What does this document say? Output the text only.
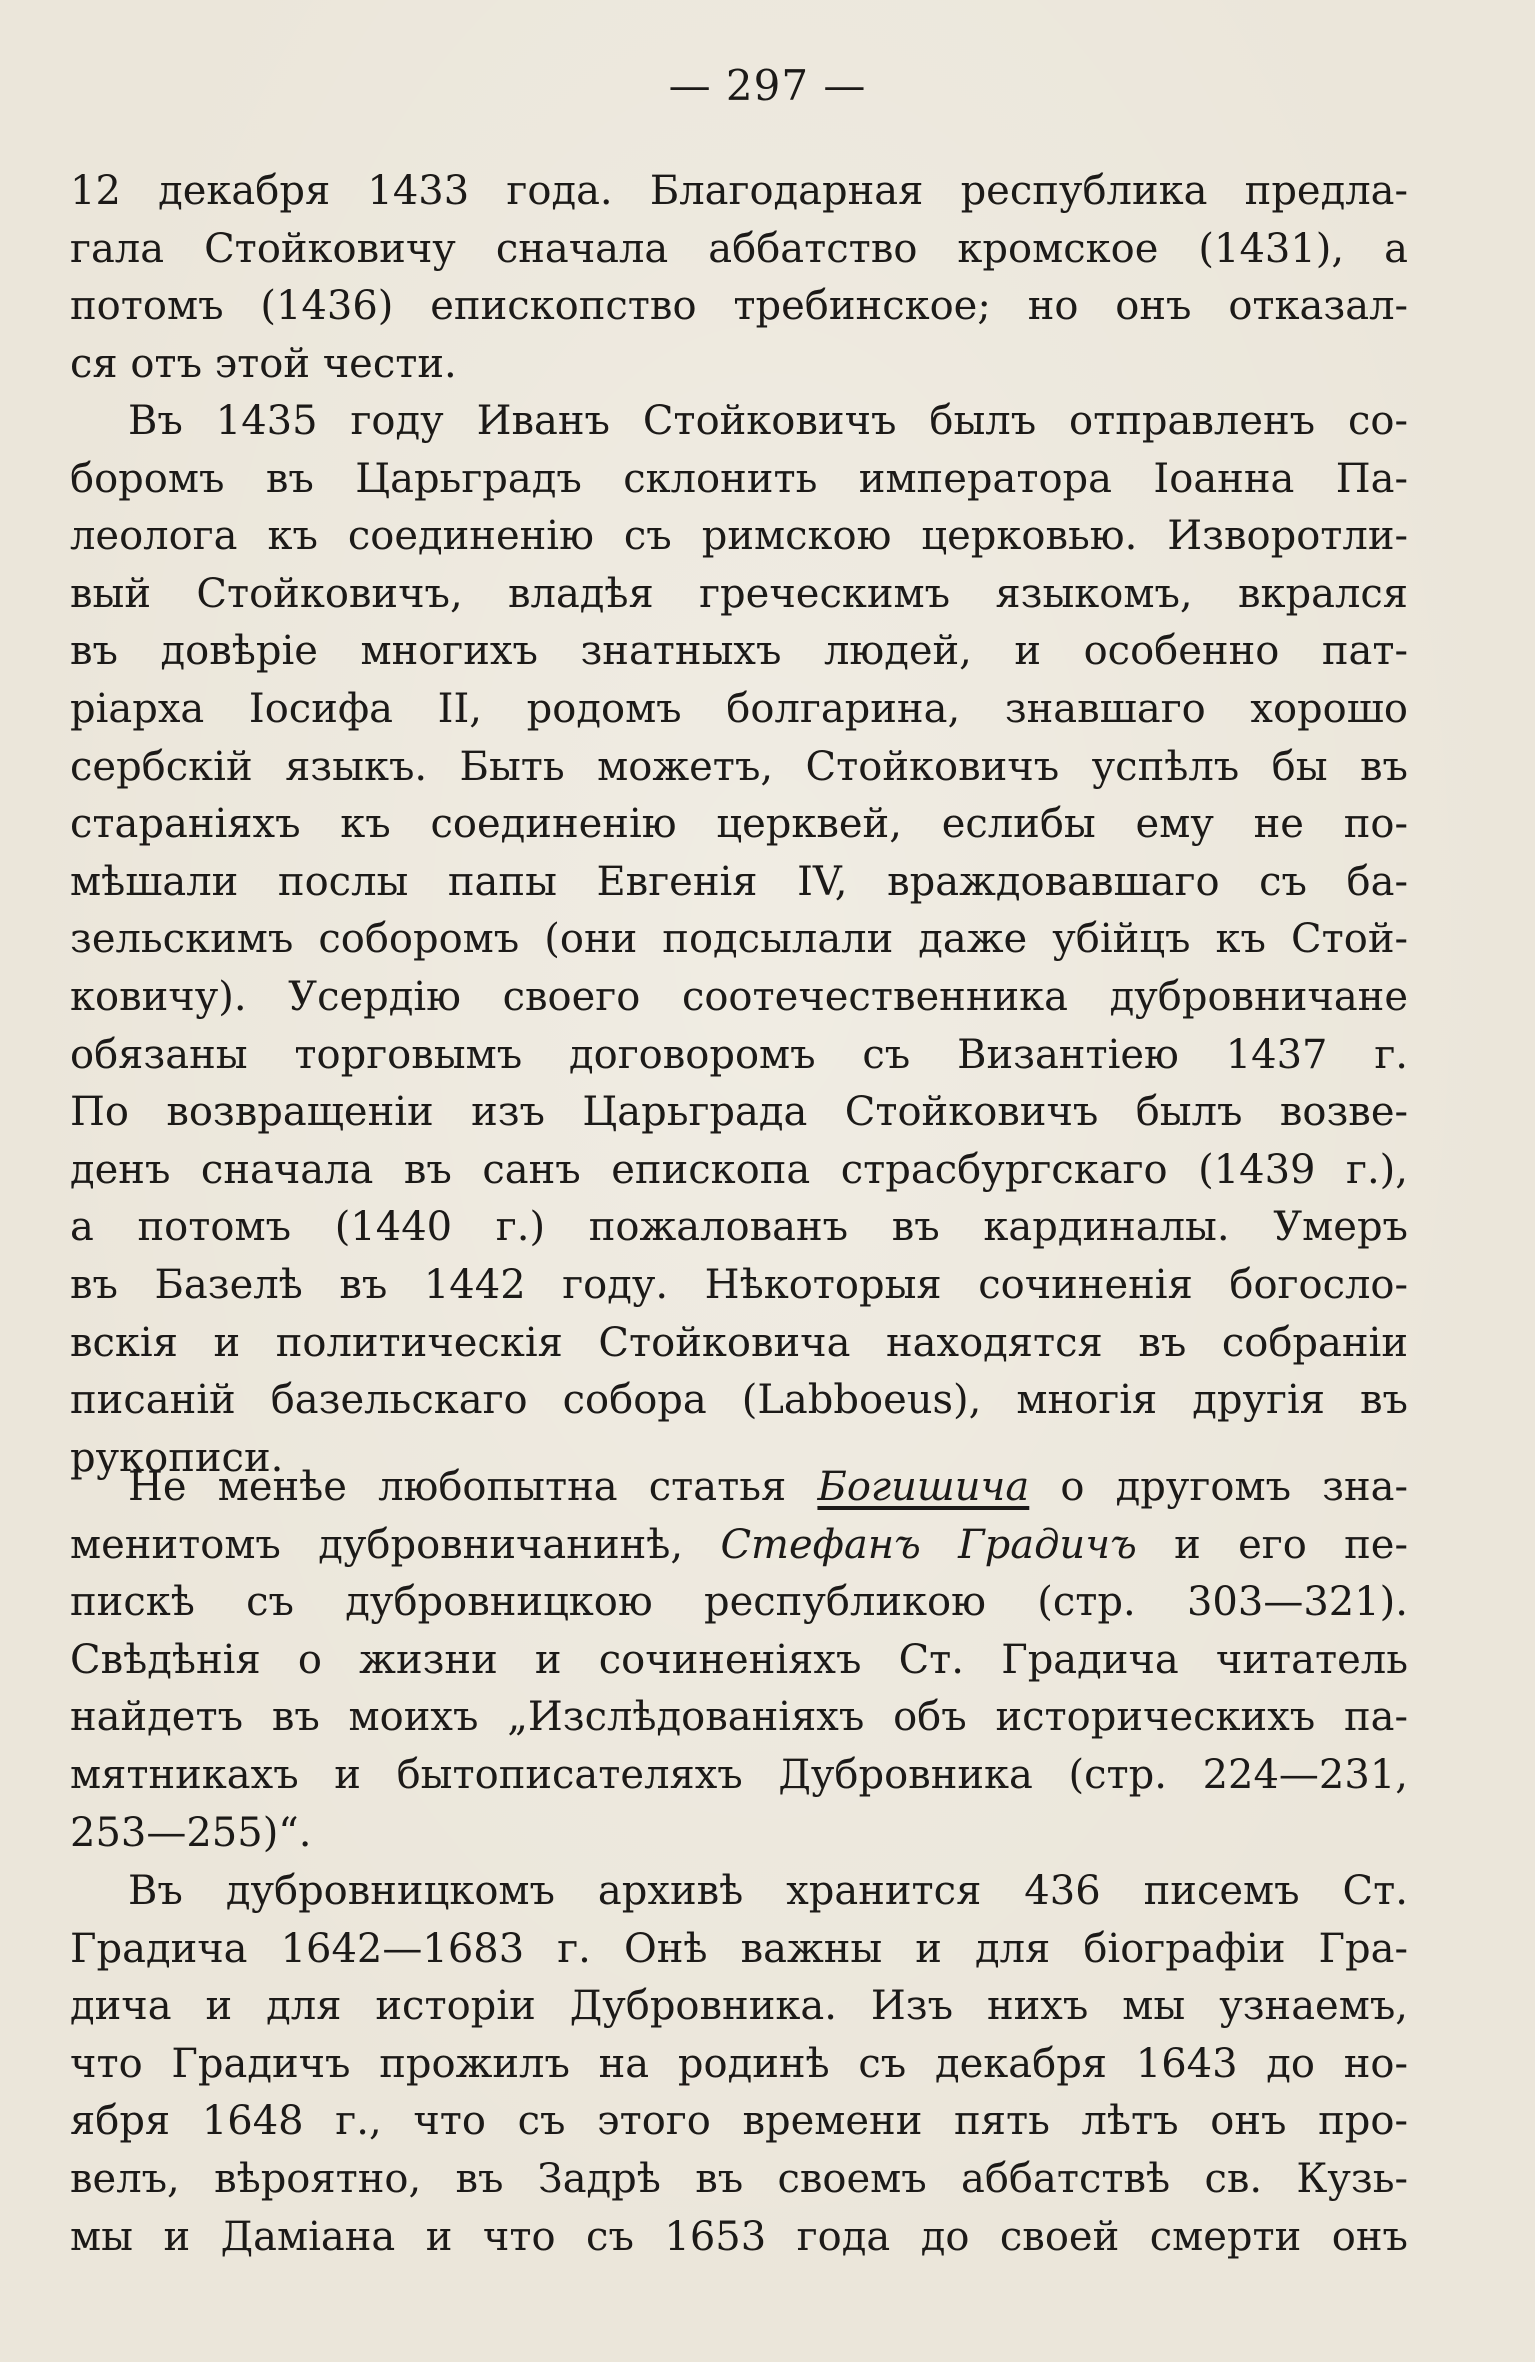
— 297 —
12 декабря 1433 года. Благодарная республика предла-
гала Стойковичу сначала аббатство кромское (1431), а
потомъ (1436) епископство требинское; но онъ отказал-
ся отъ этой чести.
Въ 1435 году Иванъ Стойковичъ былъ отправленъ со-
боромъ въ Царьградъ склонить императора Іоанна Па-
леолога къ соединенію съ римскою церковью. Изворотли-
вый Стойковичъ, владѣя греческимъ языкомъ, вкрался
въ довѣріе многихъ знатныхъ людей, и особенно пат-
ріарха Іосифа II, родомъ болгарина, знавшаго хорошо
сербскій языкъ. Быть можетъ, Стойковичъ успѣлъ бы въ
стараніяхъ къ соединенію церквей, еслибы ему не по-
мѣшали послы папы Евгенія IV, враждовавшаго съ ба-
зельскимъ соборомъ (они подсылали даже убійцъ къ Стой-
ковичу). Усердію своего соотечественника дубровничане
обязаны торговымъ договоромъ съ Византіею 1437 г.
По возвращеніи изъ Царьграда Стойковичъ былъ возве-
денъ сначала въ санъ епископа страсбургскаго (1439 г.),
а потомъ (1440 г.) пожалованъ въ кардиналы. Умеръ
въ Базелѣ въ 1442 году. Нѣкоторыя сочиненія богосло-
вскія и политическія Стойковича находятся въ собраніи
писаній базельскаго собора (Labboeus), многія другія въ
рукописи.
Не менѣе любопытна статья Богишича о другомъ зна-
менитомъ дубровничанинѣ, Стефанъ Градичъ и его пе-
пискѣ съ дубровницкою республикою (стр. 303—321).
Свѣдѣнія о жизни и сочиненіяхъ Ст. Градича читатель
найдетъ въ моихъ „Изслѣдованіяхъ объ историческихъ па-
мятникахъ и бытописателяхъ Дубровника (стр. 224—231,
253—255)“.
Въ дубровницкомъ архивѣ хранится 436 писемъ Ст.
Градича 1642—1683 г. Онѣ важны и для біографіи Гра-
дича и для исторіи Дубровника. Изъ нихъ мы узнаемъ,
что Градичъ прожилъ на родинѣ съ декабря 1643 до но-
ября 1648 г., что съ этого времени пять лѣтъ онъ про-
велъ, вѣроятно, въ Задрѣ въ своемъ аббатствѣ св. Кузь-
мы и Даміана и что съ 1653 года до своей смерти онъ
